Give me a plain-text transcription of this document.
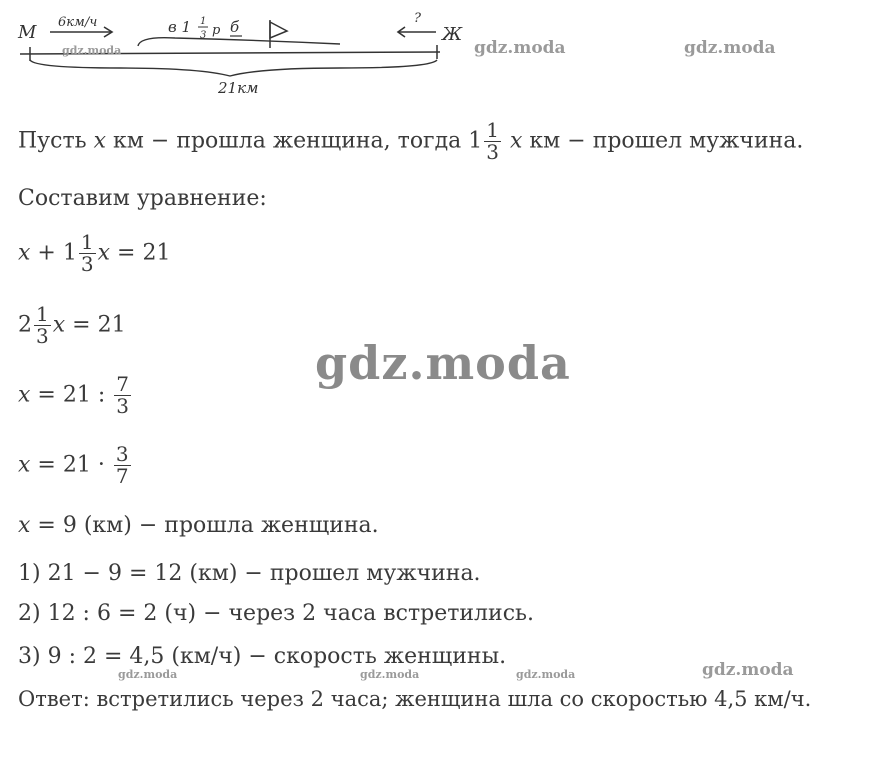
М 6км/ч	в 1 1
3 р б	?
Ж
21км
gdz.moda	gdz.moda	gdz.moda
gdz.moda
gdz.moda	gdz.moda	gdz.moda	gdz.moda
Пусть x км − прошла женщина, тогда $1 \frac{1}{3}$ x км − прошел мужчина.
Составим уравнение:
$x + 1 \frac{1}{3}$ x = 21
$2 \frac{1}{3}$ x = 21
x = 21 : $\frac{7}{3}$
$x = 21 \cdot \frac{3}{7}$
x = 9 (км) − прошла женщина.
1) 21 − 9 = 12 (км) − прошел мужчина.
2) 12 : 6 = 2 (ч) − через 2 часа встретились.
3) 9 : 2 = 4,5 (км/ч) − скорость женщины.
Ответ: встретились через 2 часа; женщина шла со скоростью 4,5 км/ч.
